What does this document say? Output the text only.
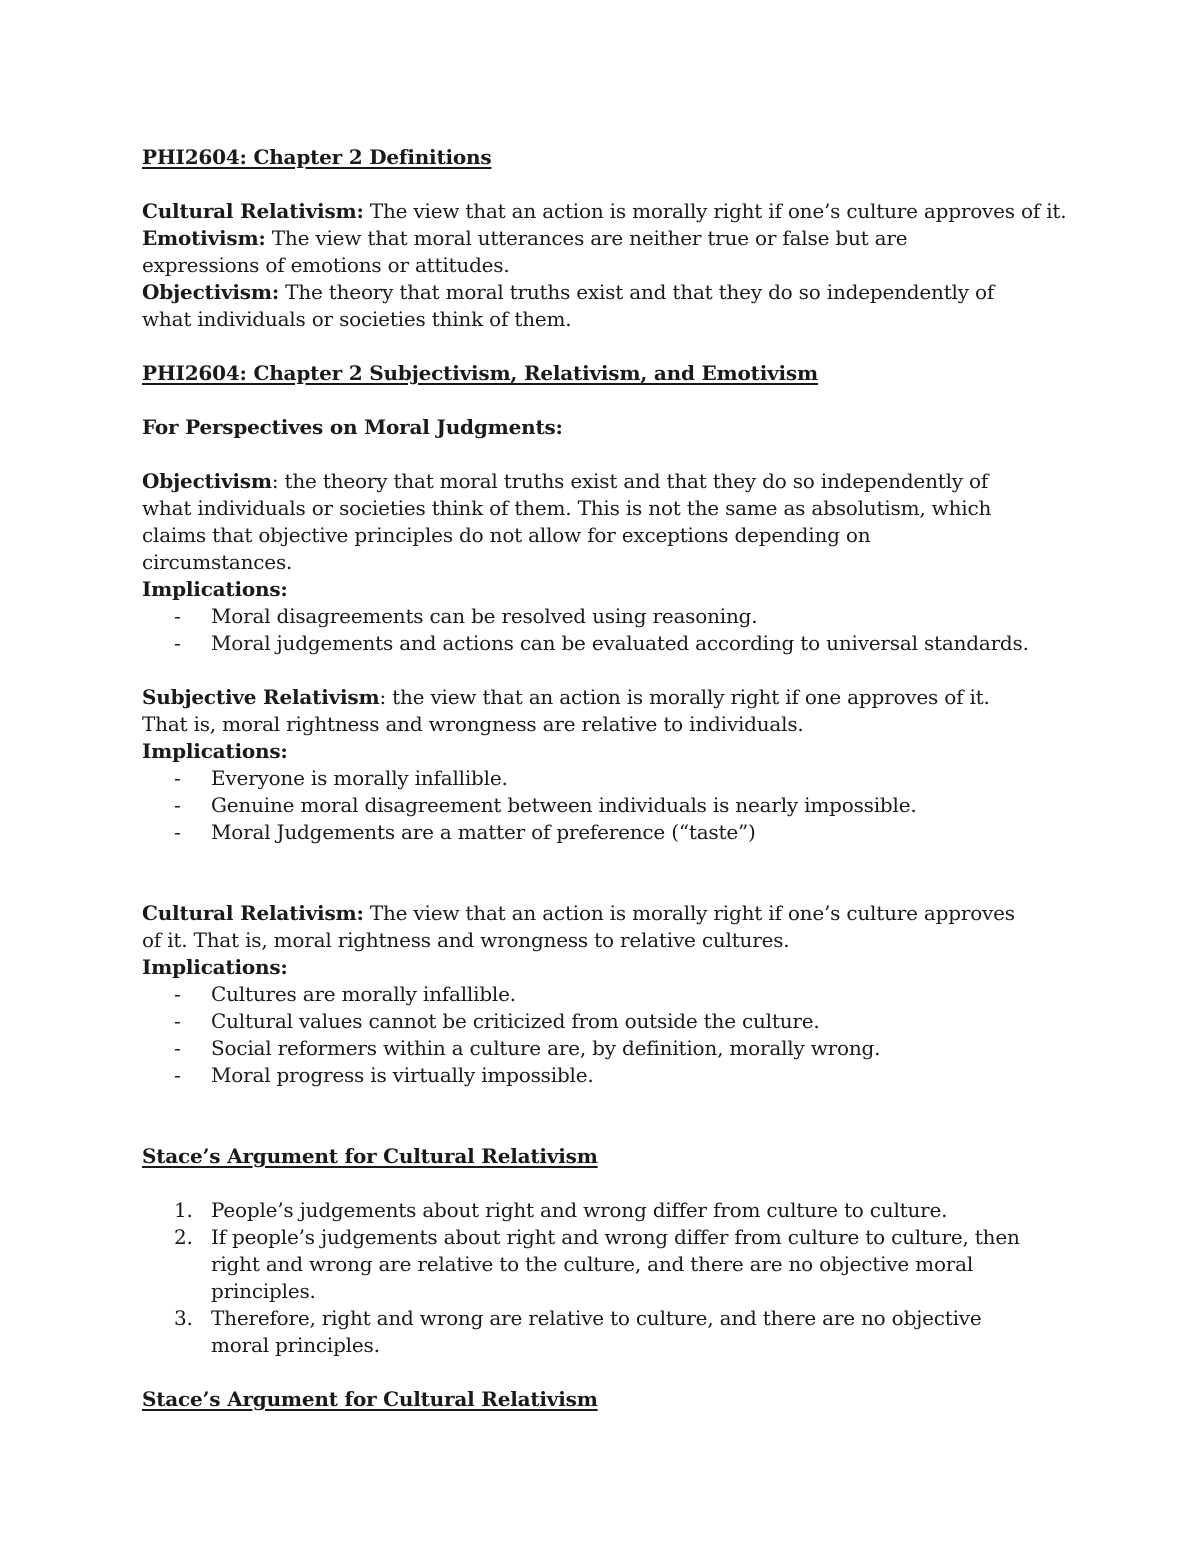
PHI2604: Chapter 2 Definitions
Cultural Relativism: The view that an action is morally right if one’s culture approves of it.
Emotivism: The view that moral utterances are neither true or false but are expressions of emotions or attitudes.
Objectivism: The theory that moral truths exist and that they do so independently of what individuals or societies think of them.
PHI2604: Chapter 2 Subjectivism, Relativism, and Emotivism
For Perspectives on Moral Judgments:
Objectivism: the theory that moral truths exist and that they do so independently of what individuals or societies think of them. This is not the same as absolutism, which claims that objective principles do not allow for exceptions depending on circumstances.
Implications:
- Moral disagreements can be resolved using reasoning.
- Moral judgements and actions can be evaluated according to universal standards.
Subjective Relativism: the view that an action is morally right if one approves of it. That is, moral rightness and wrongness are relative to individuals.
Implications:
- Everyone is morally infallible.
- Genuine moral disagreement between individuals is nearly impossible.
- Moral Judgements are a matter of preference (“taste”)
Cultural Relativism: The view that an action is morally right if one’s culture approves of it. That is, moral rightness and wrongness to relative cultures.
Implications:
- Cultures are morally infallible.
- Cultural values cannot be criticized from outside the culture.
- Social reformers within a culture are, by definition, morally wrong.
- Moral progress is virtually impossible.
Stace’s Argument for Cultural Relativism
1. People’s judgements about right and wrong differ from culture to culture.
2. If people’s judgements about right and wrong differ from culture to culture, then right and wrong are relative to the culture, and there are no objective moral principles.
3. Therefore, right and wrong are relative to culture, and there are no objective moral principles.
Stace’s Argument for Cultural Relativism
